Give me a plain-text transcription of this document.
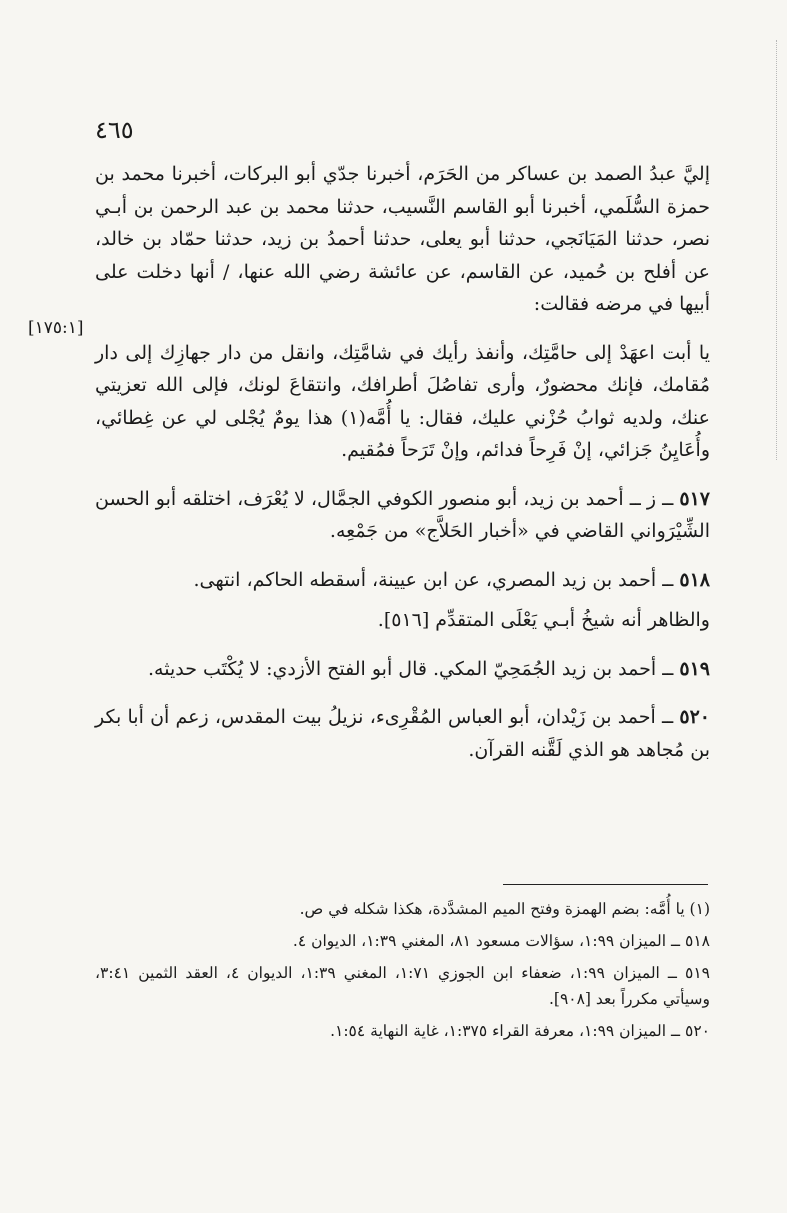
٤٦٥
[١٧٥:١]

إليَّ عبدُ الصمد بن عساكر من الحَرَم، أخبرنا جدّي أبو البركات، أخبرنا محمد بن حمزة السُّلَمي، أخبرنا أبو القاسم النَّسيب، حدثنا محمد بن عبد الرحمن بن أبـي نصر، حدثنا المَيَانَجي، حدثنا أبو يعلى، حدثنا أحمدُ بن زيد، حدثنا حمّاد بن خالد، عن أفلح بن حُميد، عن القاسم، عن عائشة رضي الله عنها، / أنها دخلت على أبيها في مرضه فقالت:

يا أبت اعهَدْ إلى حامَّتِك، وأنفذ رأيك في شامَّتِك، وانقل من دار جهازِك إلى دار مُقامك، فإنك محضورٌ، وأرى تفاصُلَ أطرافك، وانتقاعَ لونك، فإلى الله تعزيتي عنك، ولديه ثوابُ حُزْني عليك، فقال: يا أُمَّه(١) هذا يومٌ يُجْلى لي عن غِطائي، وأُعَايِنُ جَزائي، إنْ فَرِحاً فدائم، وإنْ تَرَحاً فمُقيم.

٥١٧ ــ ز ــ أحمد بن زيد، أبو منصور الكوفي الجمَّال، لا يُعْرَف، اختلقه أبو الحسن الشِّيْرَواني القاضي في «أخبار الحَلاَّج» من جَمْعِه.

٥١٨ ــ أحمد بن زيد المصري، عن ابن عيينة، أسقطه الحاكم، انتهى.

والظاهر أنه شيخُ أبـي يَعْلَى المتقدِّم [٥١٦].

٥١٩ ــ أحمد بن زيد الجُمَحِيّ المكي. قال أبو الفتح الأزدي: لا يُكْتَب حديثه.

٥٢٠ ــ أحمد بن زَيْدان، أبو العباس المُقْرِىء، نزيلُ بيت المقدس، زعم أن أبا بكر بن مُجاهد هو الذي لَقَّنه القرآن.

(١) يا أُمَّه: بضم الهمزة وفتح الميم المشدَّدة، هكذا شكله في ص.

٥١٨ ــ الميزان ١:٩٩، سؤالات مسعود ٨١، المغني ١:٣٩، الديوان ٤.

٥١٩ ــ الميزان ١:٩٩، ضعفاء ابن الجوزي ١:٧١، المغني ١:٣٩، الديوان ٤، العقد الثمين ٣:٤١، وسيأتي مكرراً بعد [٩٠٨].

٥٢٠ ــ الميزان ١:٩٩، معرفة القراء ١:٣٧٥، غاية النهاية ١:٥٤.
